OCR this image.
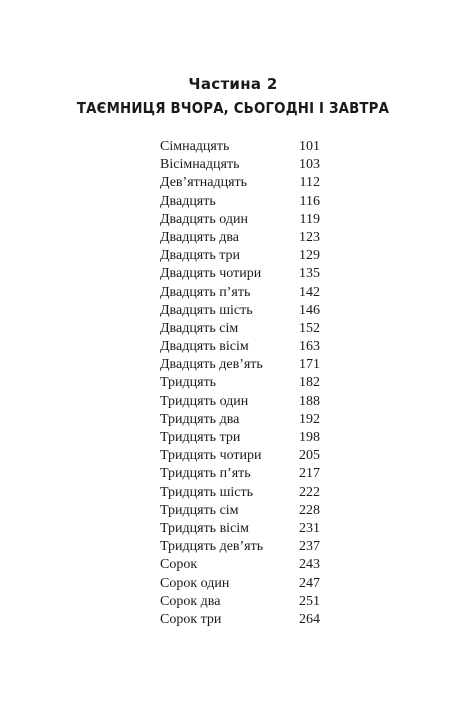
Частина 2
ТАЄМНИЦЯ ВЧОРА, СЬОГОДНІ І ЗАВТРА
Сімнадцять	101
Вісімнадцять	103
Дев’ятнадцять	112
Двадцять	116
Двадцять один	119
Двадцять два	123
Двадцять три	129
Двадцять чотири	135
Двадцять п’ять	142
Двадцять шість	146
Двадцять сім	152
Двадцять вісім	163
Двадцять дев’ять	171
Тридцять	182
Тридцять один	188
Тридцять два	192
Тридцять три	198
Тридцять чотири	205
Тридцять п’ять	217
Тридцять шість	222
Тридцять сім	228
Тридцять вісім	231
Тридцять дев’ять	237
Сорок	243
Сорок один	247
Сорок два	251
Сорок три	264
